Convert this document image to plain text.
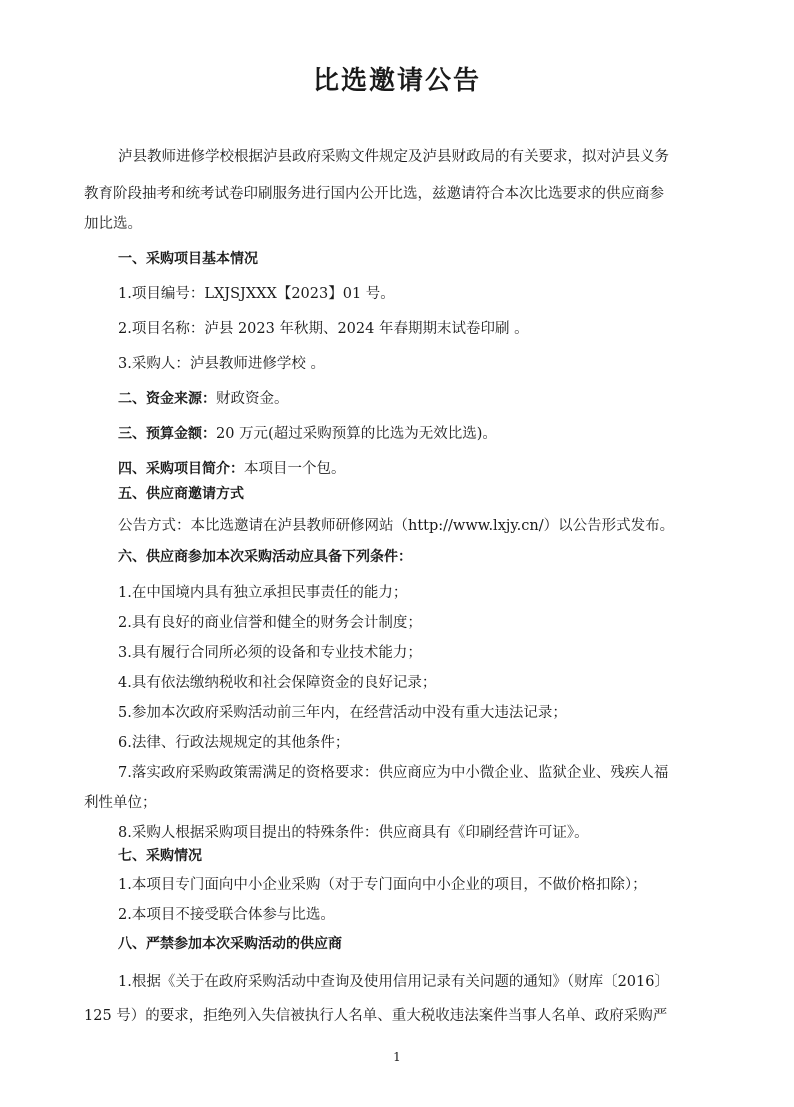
比选邀请公告
泸县教师进修学校根据泸县政府采购文件规定及泸县财政局的有关要求，拟对泸县义务
教育阶段抽考和统考试卷印刷服务进行国内公开比选，兹邀请符合本次比选要求的供应商参
加比选。
一、采购项目基本情况
1.项目编号：LXJSJXXX【2023】01 号。
2.项目名称：泸县 2023 年秋期、2024 年春期期末试卷印刷 。
3.采购人：泸县教师进修学校 。
二、资金来源：财政资金。
三、预算金额：20 万元(超过采购预算的比选为无效比选)。
四、采购项目简介：本项目一个包。
五、供应商邀请方式
公告方式：本比选邀请在泸县教师研修网站（http://www.lxjy.cn/）以公告形式发布。
六、供应商参加本次采购活动应具备下列条件：
1.在中国境内具有独立承担民事责任的能力；
2.具有良好的商业信誉和健全的财务会计制度；
3.具有履行合同所必须的设备和专业技术能力；
4.具有依法缴纳税收和社会保障资金的良好记录；
5.参加本次政府采购活动前三年内，在经营活动中没有重大违法记录；
6.法律、行政法规规定的其他条件；
7.落实政府采购政策需满足的资格要求：供应商应为中小微企业、监狱企业、残疾人福
利性单位；
8.采购人根据采购项目提出的特殊条件：供应商具有《印刷经营许可证》。
七、采购情况
1.本项目专门面向中小企业采购（对于专门面向中小企业的项目，不做价格扣除）；
2.本项目不接受联合体参与比选。
八、严禁参加本次采购活动的供应商
1.根据《关于在政府采购活动中查询及使用信用记录有关问题的通知》（财库〔2016〕
125 号）的要求，拒绝列入失信被执行人名单、重大税收违法案件当事人名单、政府采购严
1
